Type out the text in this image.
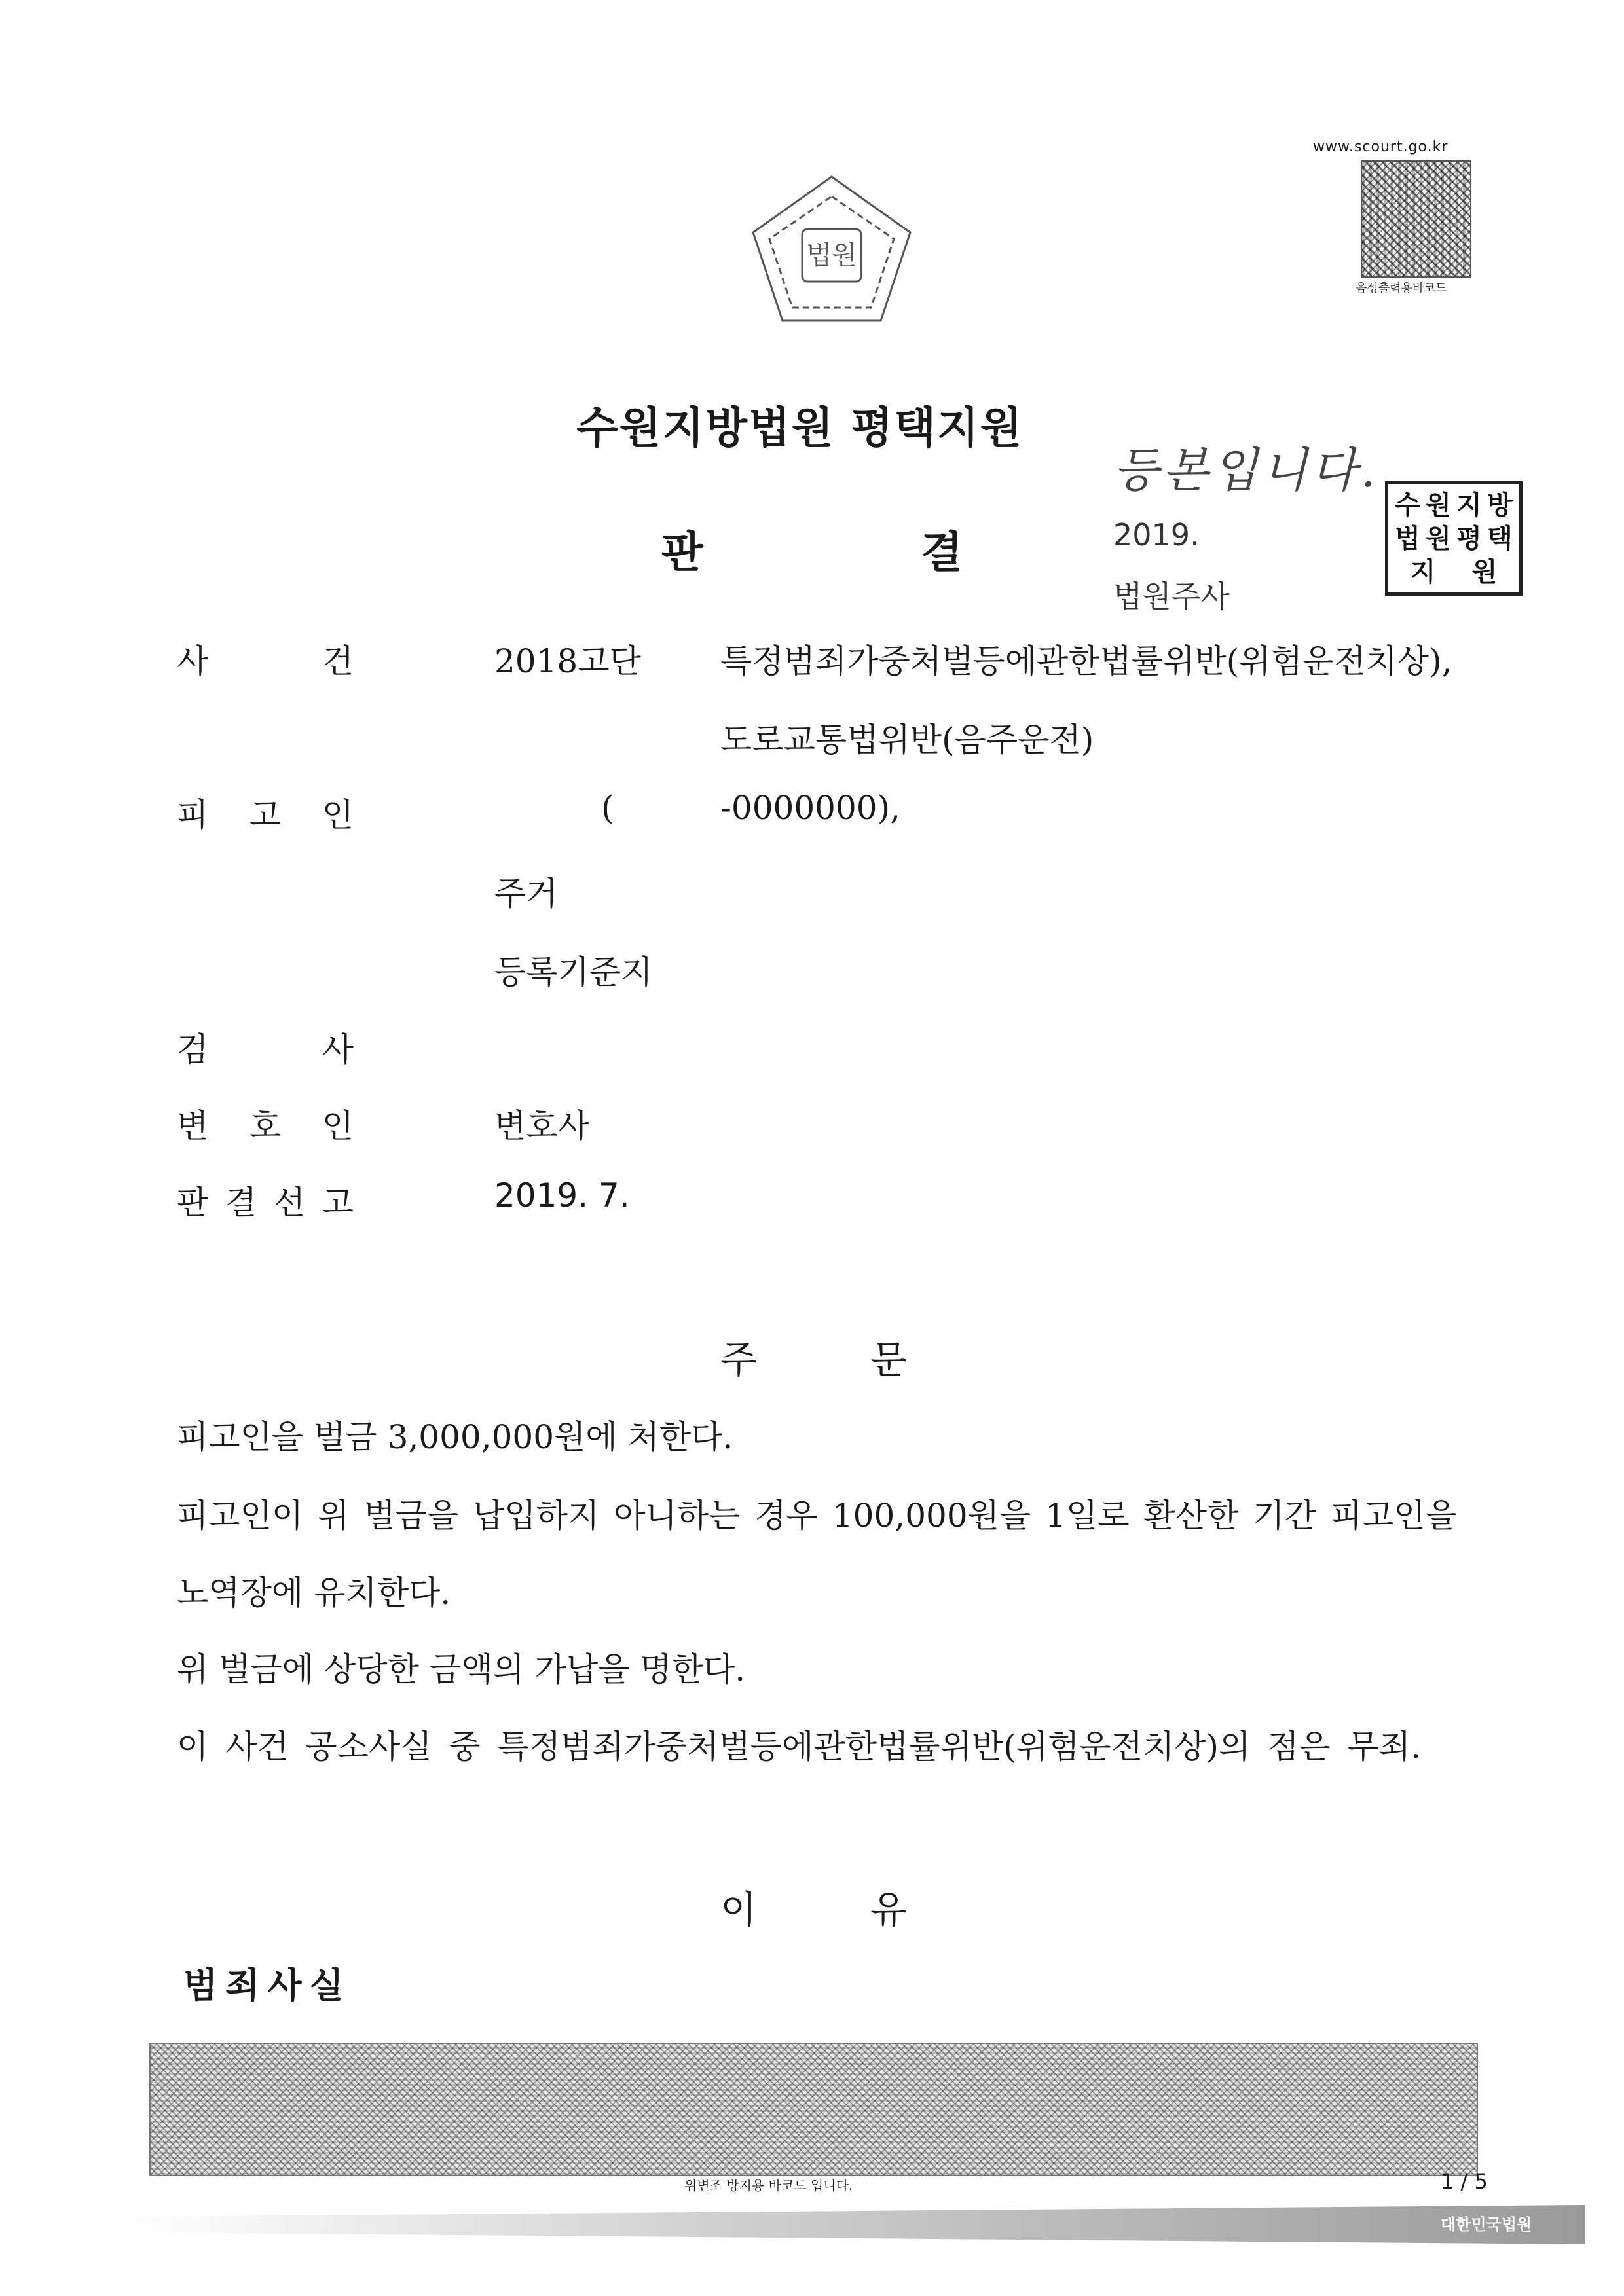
법원
www.scourt.go.kr
음성출력용바코드
수원지방법원 평택지원
판	결
등본입니다.
2019.
법원주사
수 원 지 방
법 원 평 택
지 원
사	건	2018고단 특정범죄가중처벌등에관한법률위반(위험운전치상),
도로교통법위반(음주운전)
피 고 인	(	-0000000),
주거
등록기준지
검	사
변 호 인	변호사
판 결 선 고	2019. 7.
주	문
피고인을 벌금 3,000,000원에 처한다.
피고인이 위 벌금을 납입하지 아니하는 경우 100,000원을 1일로 환산한 기간 피고인을
노역장에 유치한다.
위 벌금에 상당한 금액의 가납을 명한다.
이 사건 공소사실 중 특정범죄가중처벌등에관한법률위반(위험운전치상)의 점은 무죄.
이	유
범죄사실
위변조 방지용 바코드 입니다.	1 / 5
대한민국법원
